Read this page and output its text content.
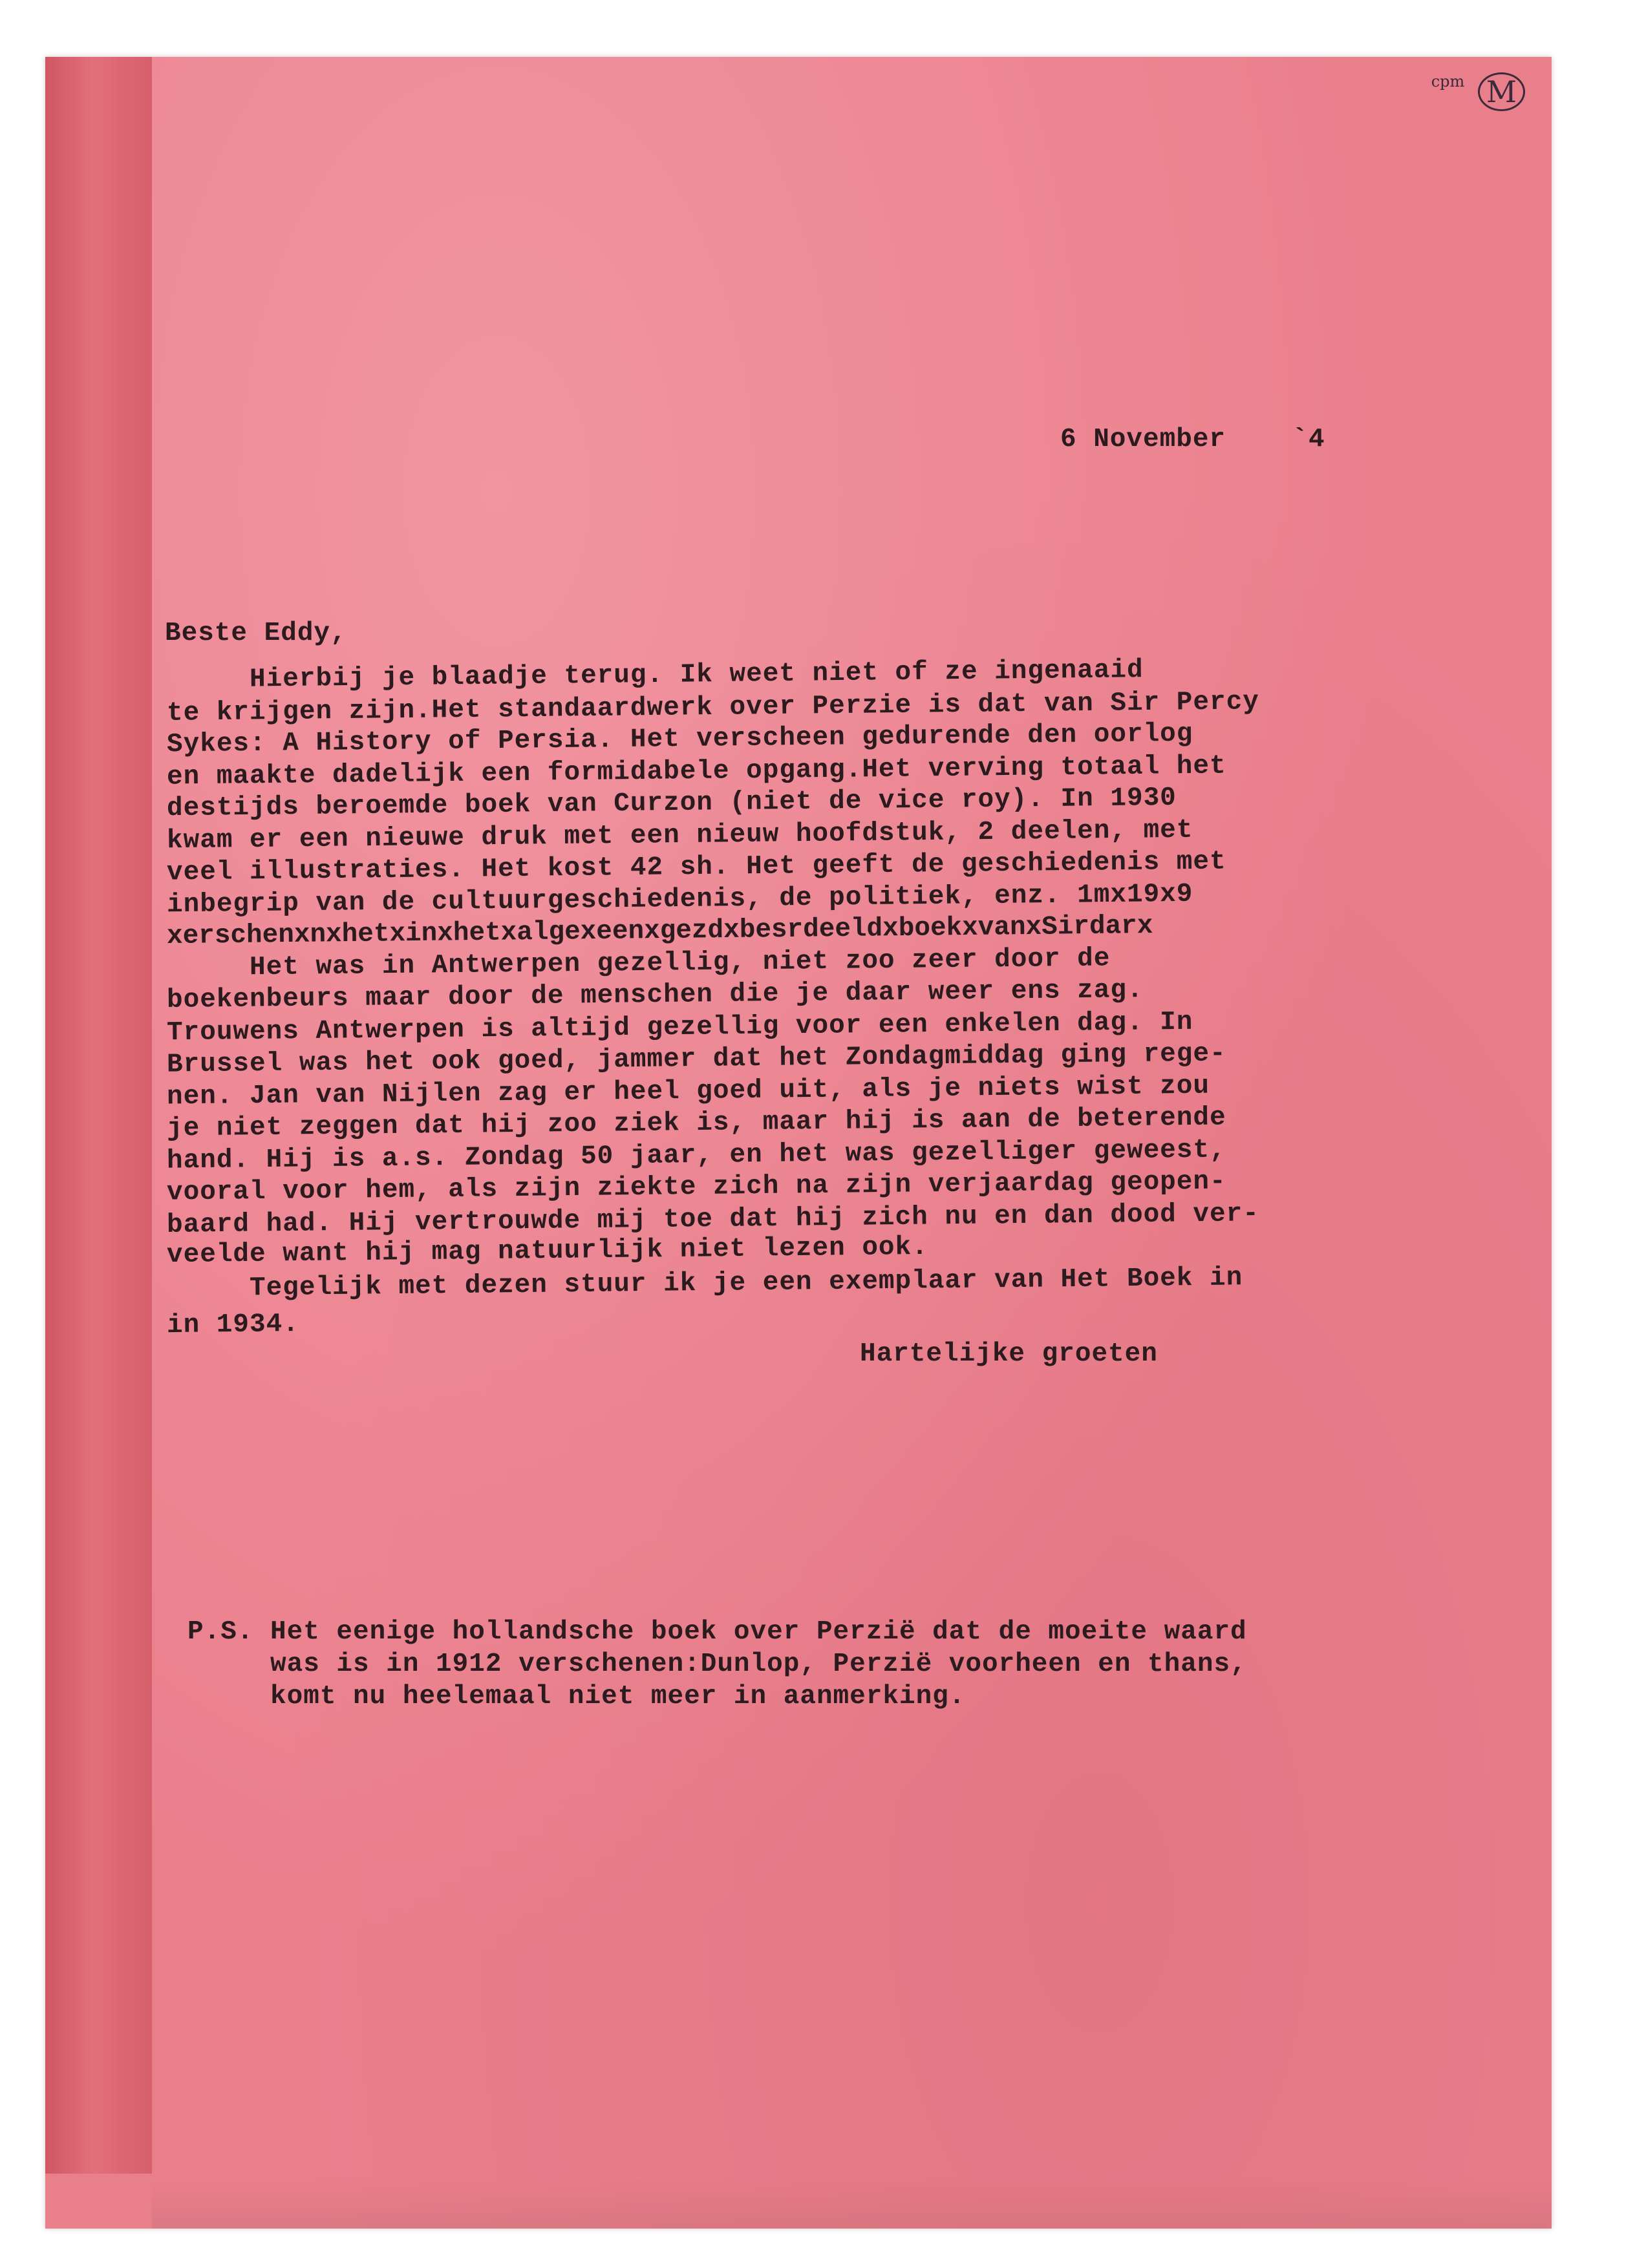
cpm M
6 November    `4
Beste Eddy,
Hierbij je blaadje terug. Ik weet niet of ze ingenaaid
te krijgen zijn.Het standaardwerk over Perzie is dat van Sir Percy
Sykes: A History of Persia. Het verscheen gedurende den oorlog
en maakte dadelijk een formidabele opgang.Het verving totaal het
destijds beroemde boek van Curzon (niet de vice roy). In 1930
kwam er een nieuwe druk met een nieuw hoofdstuk, 2 deelen, met
veel illustraties. Het kost 42 sh. Het geeft de geschiedenis met
inbegrip van de cultuurgeschiedenis, de politiek, enz. 1mx19x9
xerschenxnxhetxinxhetxalgexeenxgezdxbesrdeeldxboekxvanxSirdarx
Het was in Antwerpen gezellig, niet zoo zeer door de
boekenbeurs maar door de menschen die je daar weer ens zag.
Trouwens Antwerpen is altijd gezellig voor een enkelen dag. In
Brussel was het ook goed, jammer dat het Zondagmiddag ging rege-
nen. Jan van Nijlen zag er heel goed uit, als je niets wist zou
je niet zeggen dat hij zoo ziek is, maar hij is aan de beterende
hand. Hij is a.s. Zondag 50 jaar, en het was gezelliger geweest,
vooral voor hem, als zijn ziekte zich na zijn verjaardag geopen-
baard had. Hij vertrouwde mij toe dat hij zich nu en dan dood ver-
veelde want hij mag natuurlijk niet lezen ook.
Tegelijk met dezen stuur ik je een exemplaar van Het Boek in
in 1934.
Hartelijke groeten
P.S. Het eenige hollandsche boek over Perzië dat de moeite waard
was is in 1912 verschenen:Dunlop, Perzië voorheen en thans,
komt nu heelemaal niet meer in aanmerking.
